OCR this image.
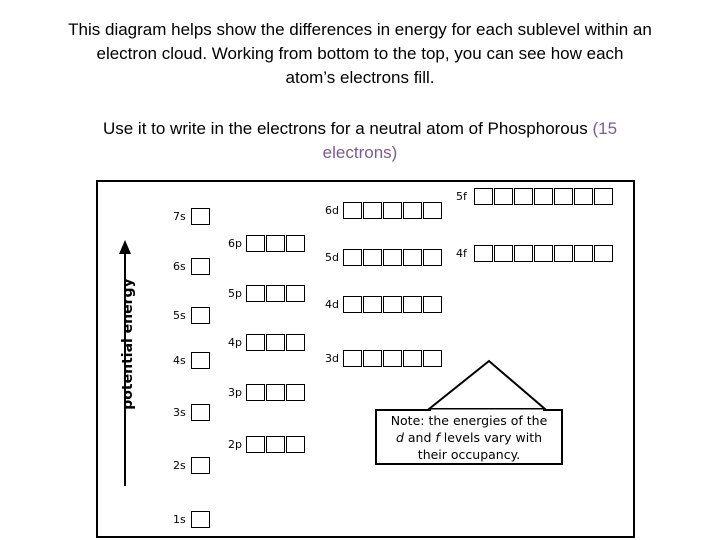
This diagram helps show the differences in energy for each sublevel within an
electron cloud. Working from bottom to the top, you can see how each
atom’s electrons fill.
Use it to write in the electrons for a neutral atom of Phosphorous (15
electrons)
potential energy
7s
6s
5s
4s
3s
2s
1s
6p
5p
4p
3p
2p
6d
5d
4d
3d
5f
4f
Note: the energies of the
d and f levels vary with
their occupancy.
